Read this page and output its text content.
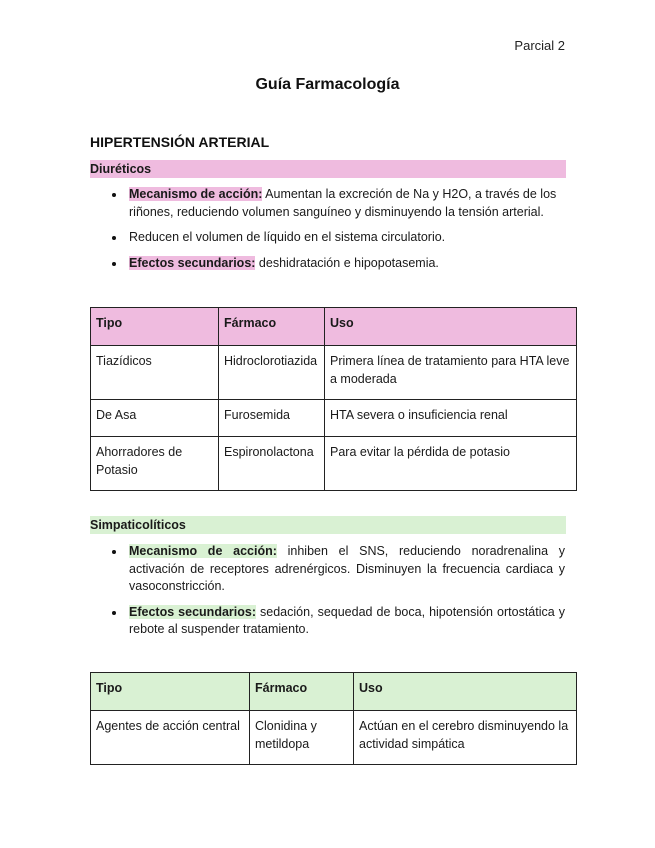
Parcial 2
Guía Farmacología
HIPERTENSIÓN ARTERIAL
Diuréticos
Mecanismo de acción: Aumentan la excreción de Na y H2O, a través de los riñones, reduciendo volumen sanguíneo y disminuyendo la tensión arterial.
Reducen el volumen de líquido en el sistema circulatorio.
Efectos secundarios: deshidratación e hipopotasemia.
Tipo	Fármaco	Uso
Tiazídicos	Hidroclorotiazida	Primera línea de tratamiento para HTA leve a moderada
De Asa	Furosemida	HTA severa o insuficiencia renal
Ahorradores de Potasio	Espironolactona	Para evitar la pérdida de potasio
Simpaticolíticos
Mecanismo de acción: inhiben el SNS, reduciendo noradrenalina y activación de receptores adrenérgicos. Disminuyen la frecuencia cardiaca y vasoconstricción.
Efectos secundarios: sedación, sequedad de boca, hipotensión ortostática y rebote al suspender tratamiento.
Tipo	Fármaco	Uso
Agentes de acción central	Clonidina y metildopa	Actúan en el cerebro disminuyendo la actividad simpática
